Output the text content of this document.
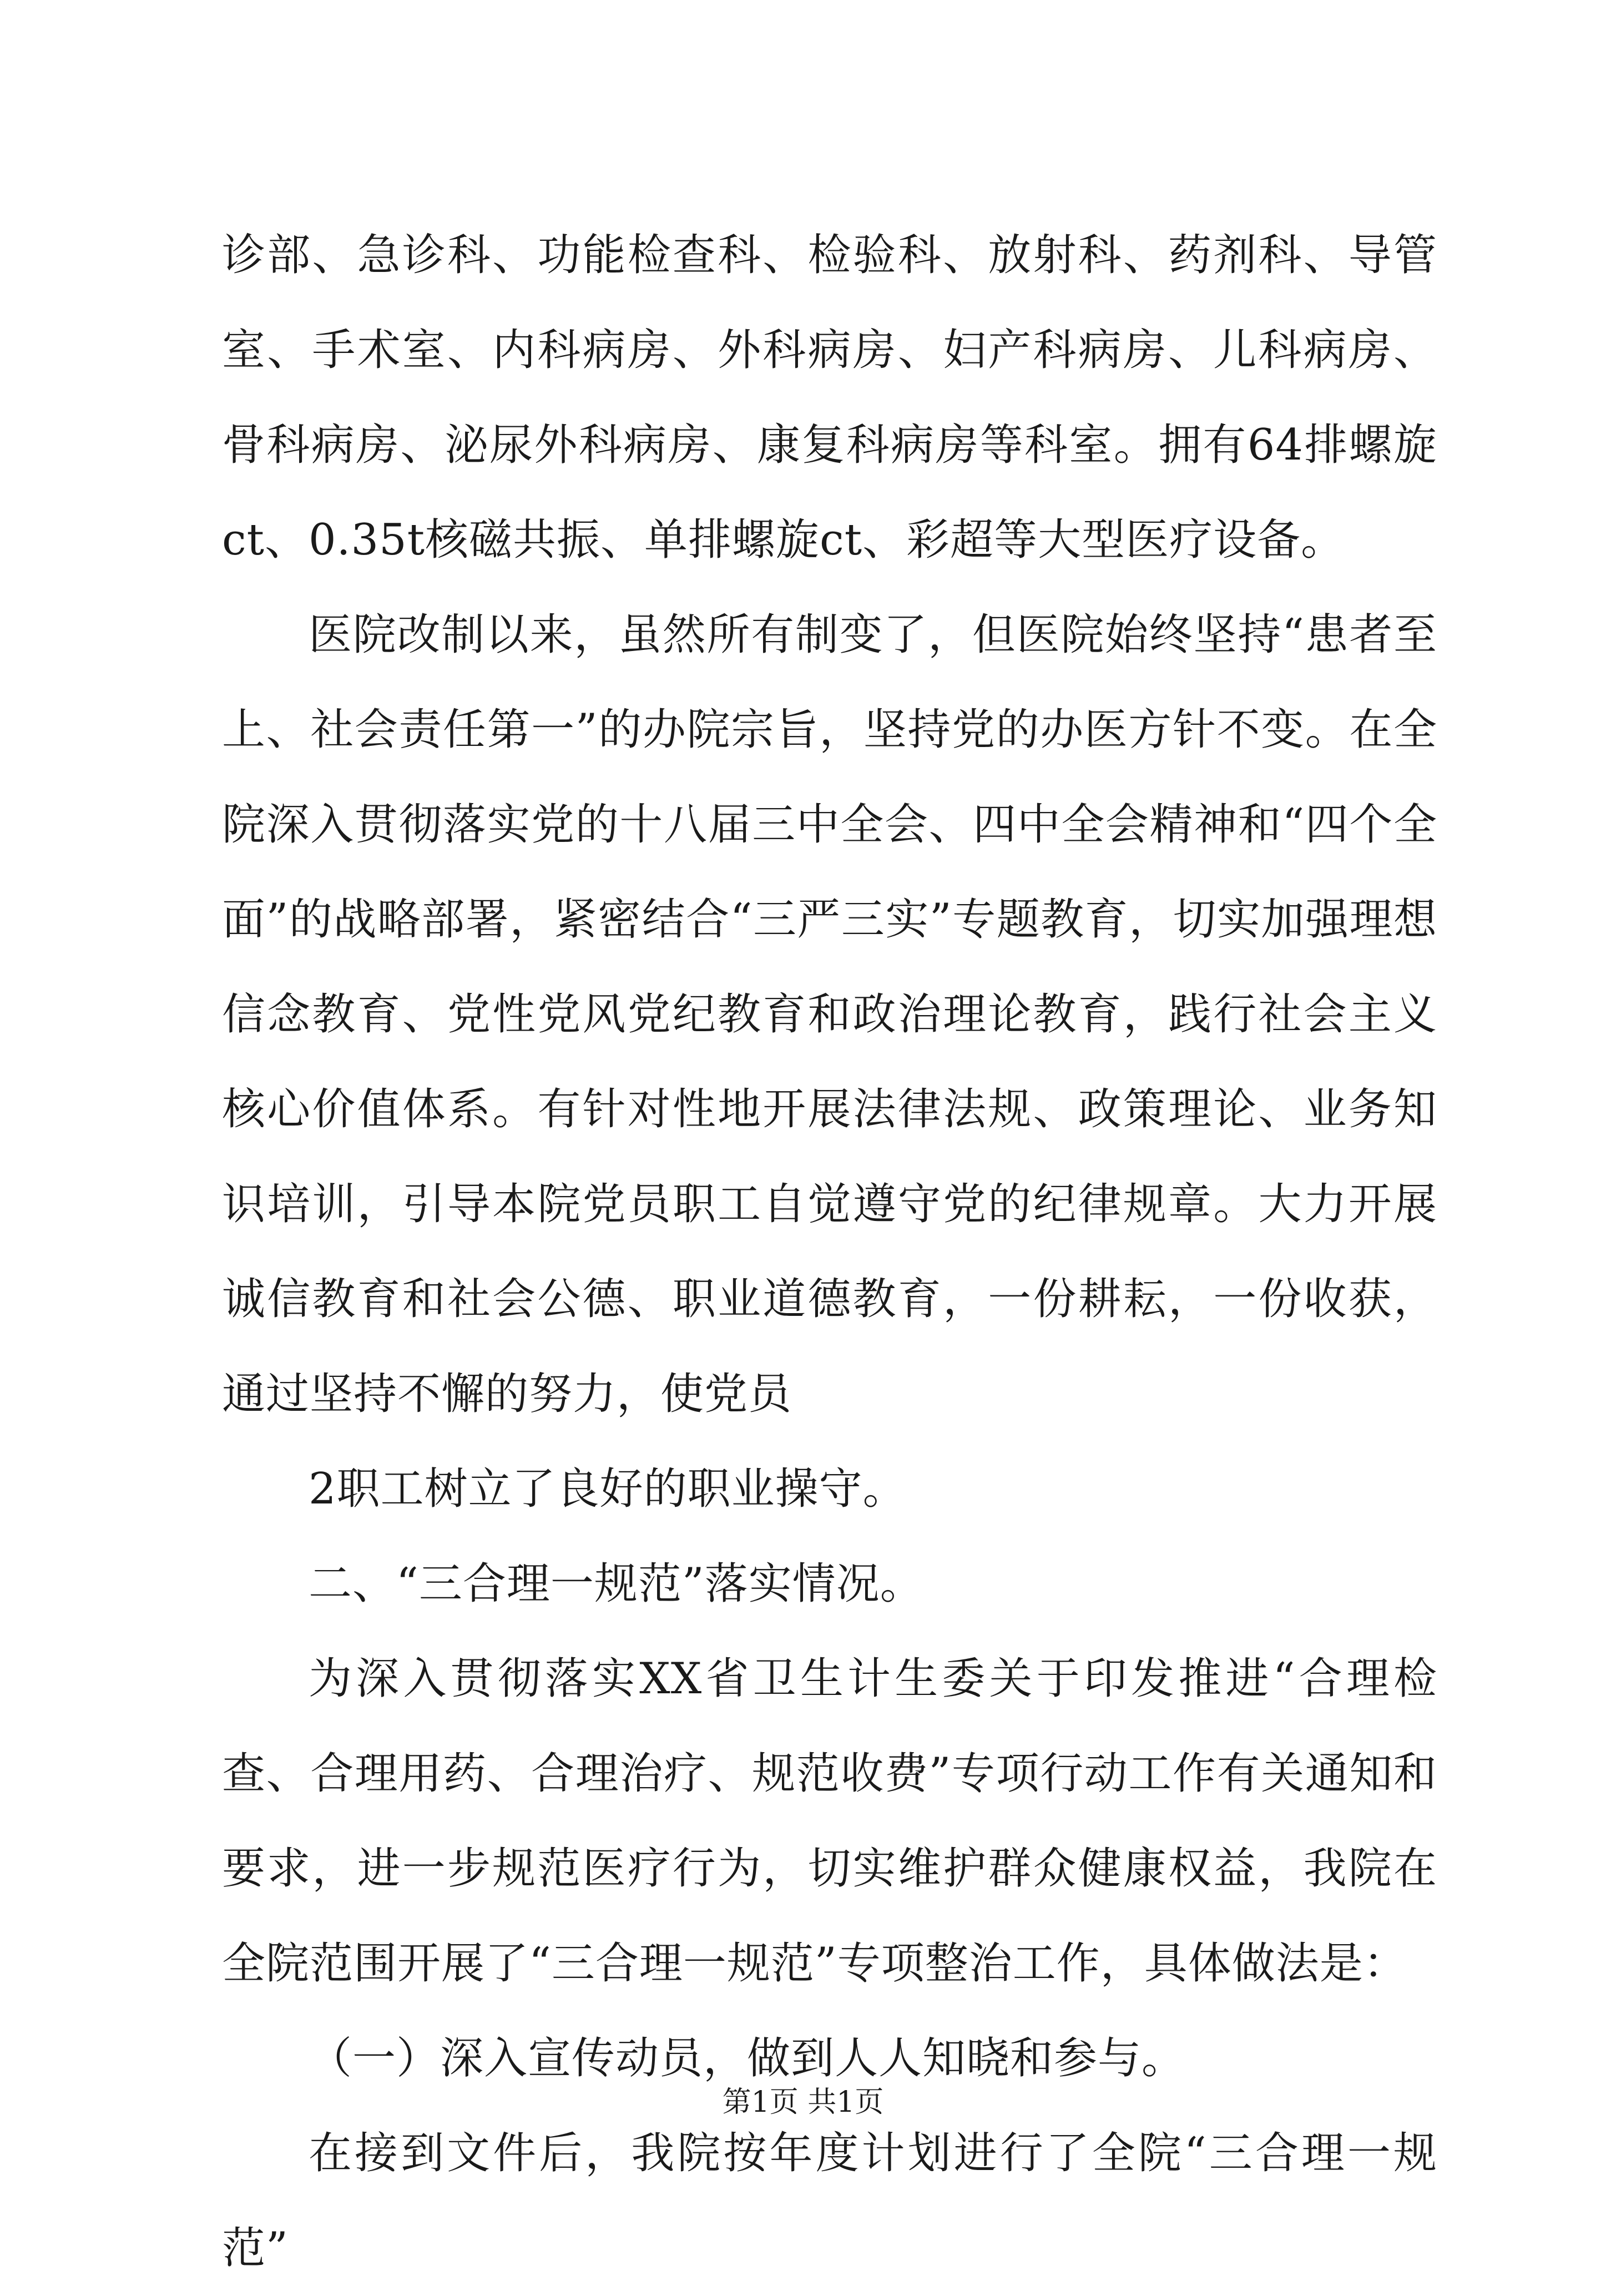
诊部、急诊科、功能检查科、检验科、放射科、药剂科、导管室、手术室、内科病房、外科病房、妇产科病房、儿科病房、骨科病房、泌尿外科病房、康复科病房等科室。拥有64排螺旋ct、0.35t核磁共振、单排螺旋ct、彩超等大型医疗设备。

医院改制以来，虽然所有制变了，但医院始终坚持“患者至上、社会责任第一”的办院宗旨，坚持党的办医方针不变。在全院深入贯彻落实党的十八届三中全会、四中全会精神和“四个全面”的战略部署，紧密结合“三严三实”专题教育，切实加强理想信念教育、党性党风党纪教育和政治理论教育，践行社会主义核心价值体系。有针对性地开展法律法规、政策理论、业务知识培训，引导本院党员职工自觉遵守党的纪律规章。大力开展诚信教育和社会公德、职业道德教育，一份耕耘，一份收获，通过坚持不懈的努力，使党员

2职工树立了良好的职业操守。

二、“三合理一规范”落实情况。

为深入贯彻落实XX省卫生计生委关于印发推进“合理检查、合理用药、合理治疗、规范收费”专项行动工作有关通知和要求，进一步规范医疗行为，切实维护群众健康权益，我院在全院范围开展了“三合理一规范”专项整治工作，具体做法是：

（一）深入宣传动员，做到人人知晓和参与。

在接到文件后，我院按年度计划进行了全院“三合理一规范”

第1页 共1页
